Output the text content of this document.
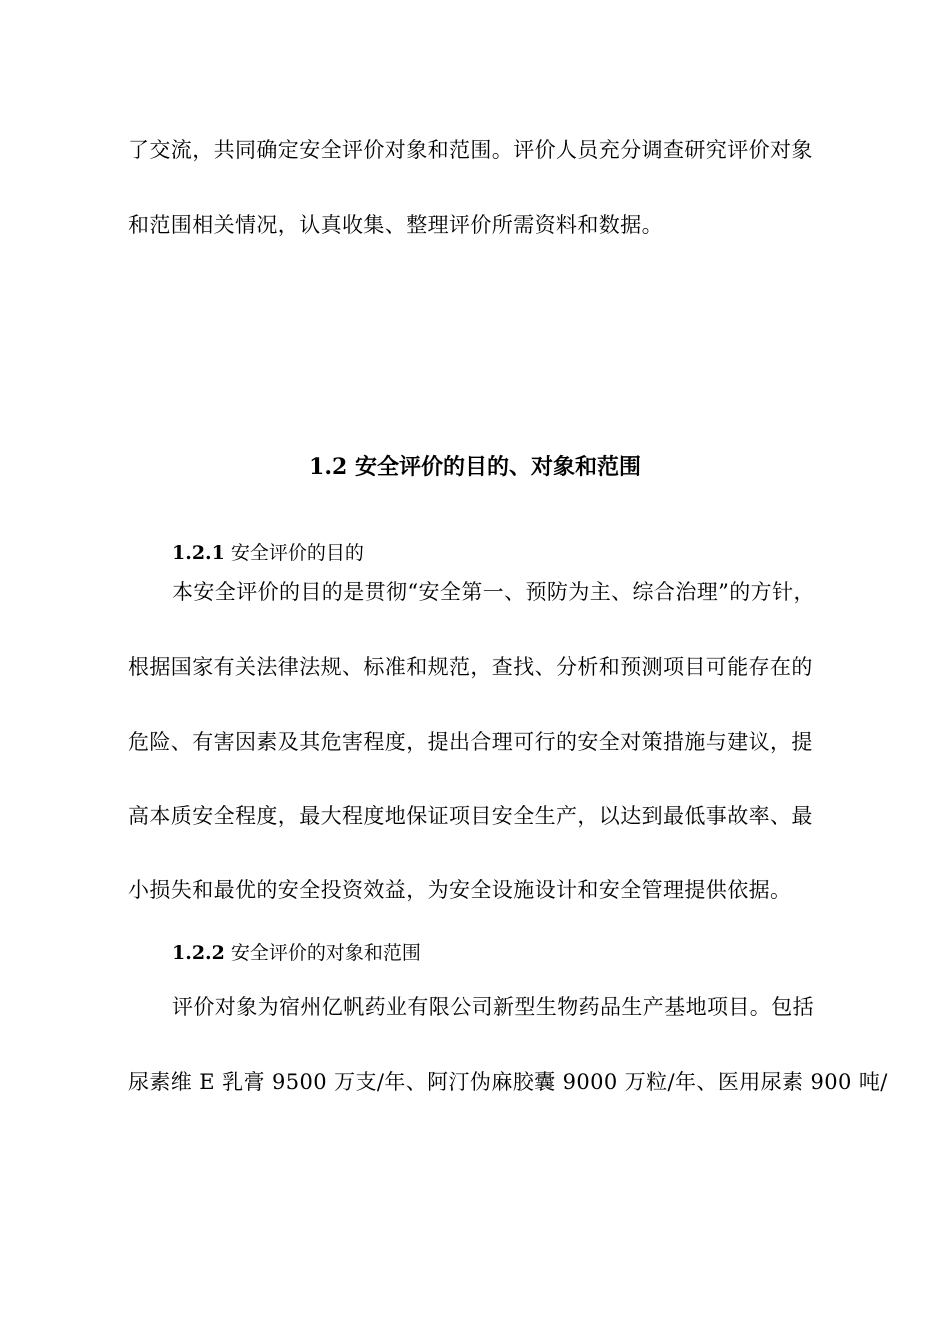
了交流，共同确定安全评价对象和范围。评价人员充分调查研究评价对象
和范围相关情况，认真收集、整理评价所需资料和数据。
1.2 安全评价的目的、对象和范围
1.2.1 安全评价的目的
本安全评价的目的是贯彻“安全第一、预防为主、综合治理”的方针，
根据国家有关法律法规、标准和规范，查找、分析和预测项目可能存在的
危险、有害因素及其危害程度，提出合理可行的安全对策措施与建议，提
高本质安全程度，最大程度地保证项目安全生产，以达到最低事故率、最
小损失和最优的安全投资效益，为安全设施设计和安全管理提供依据。
1.2.2 安全评价的对象和范围
评价对象为宿州亿帆药业有限公司新型生物药品生产基地项目。包括
尿素维 E 乳膏 9500 万支/年、阿汀伪麻胶囊 9000 万粒/年、医用尿素 900 吨/
